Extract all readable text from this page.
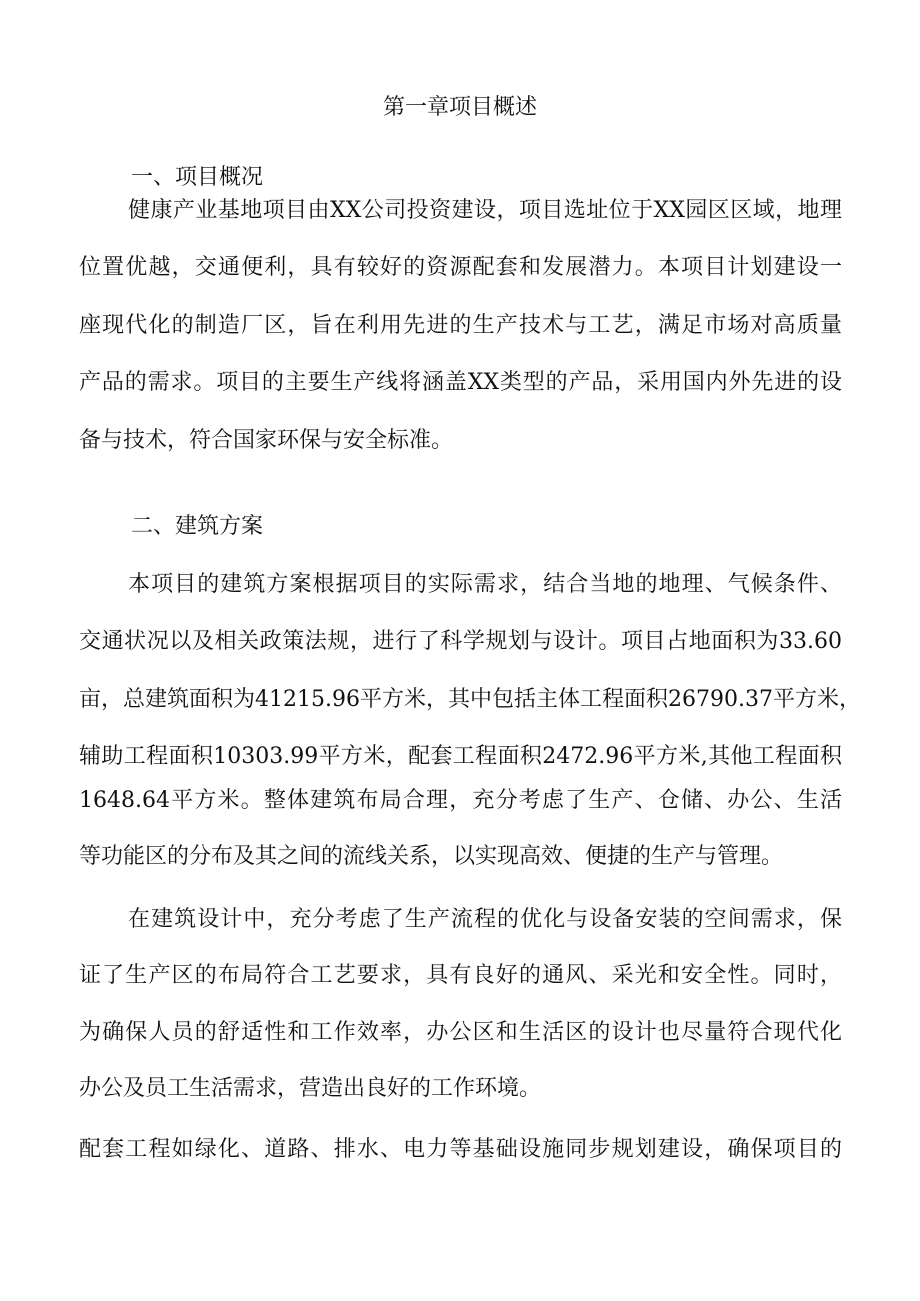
第一章项目概述
一、项目概况

健康产业基地项目由XX公司投资建设，项目选址位于XX园区区域，地理

位置优越，交通便利，具有较好的资源配套和发展潜力。本项目计划建设一

座现代化的制造厂区，旨在利用先进的生产技术与工艺，满足市场对高质量

产品的需求。项目的主要生产线将涵盖XX类型的产品，采用国内外先进的设

备与技术，符合国家环保与安全标准。

二、建筑方案

本项目的建筑方案根据项目的实际需求，结合当地的地理、气候条件、

交通状况以及相关政策法规，进行了科学规划与设计。项目占地面积为33.60

亩，总建筑面积为41215.96平方米，其中包括主体工程面积26790.37平方米，

辅助工程面积10303.99平方米，配套工程面积2472.96平方米,其他工程面积

1648.64平方米。整体建筑布局合理，充分考虑了生产、仓储、办公、生活

等功能区的分布及其之间的流线关系，以实现高效、便捷的生产与管理。

在建筑设计中，充分考虑了生产流程的优化与设备安装的空间需求，保

证了生产区的布局符合工艺要求，具有良好的通风、采光和安全性。同时，

为确保人员的舒适性和工作效率，办公区和生活区的设计也尽量符合现代化

办公及员工生活需求，营造出良好的工作环境。

配套工程如绿化、道路、排水、电力等基础设施同步规划建设，确保项目的
